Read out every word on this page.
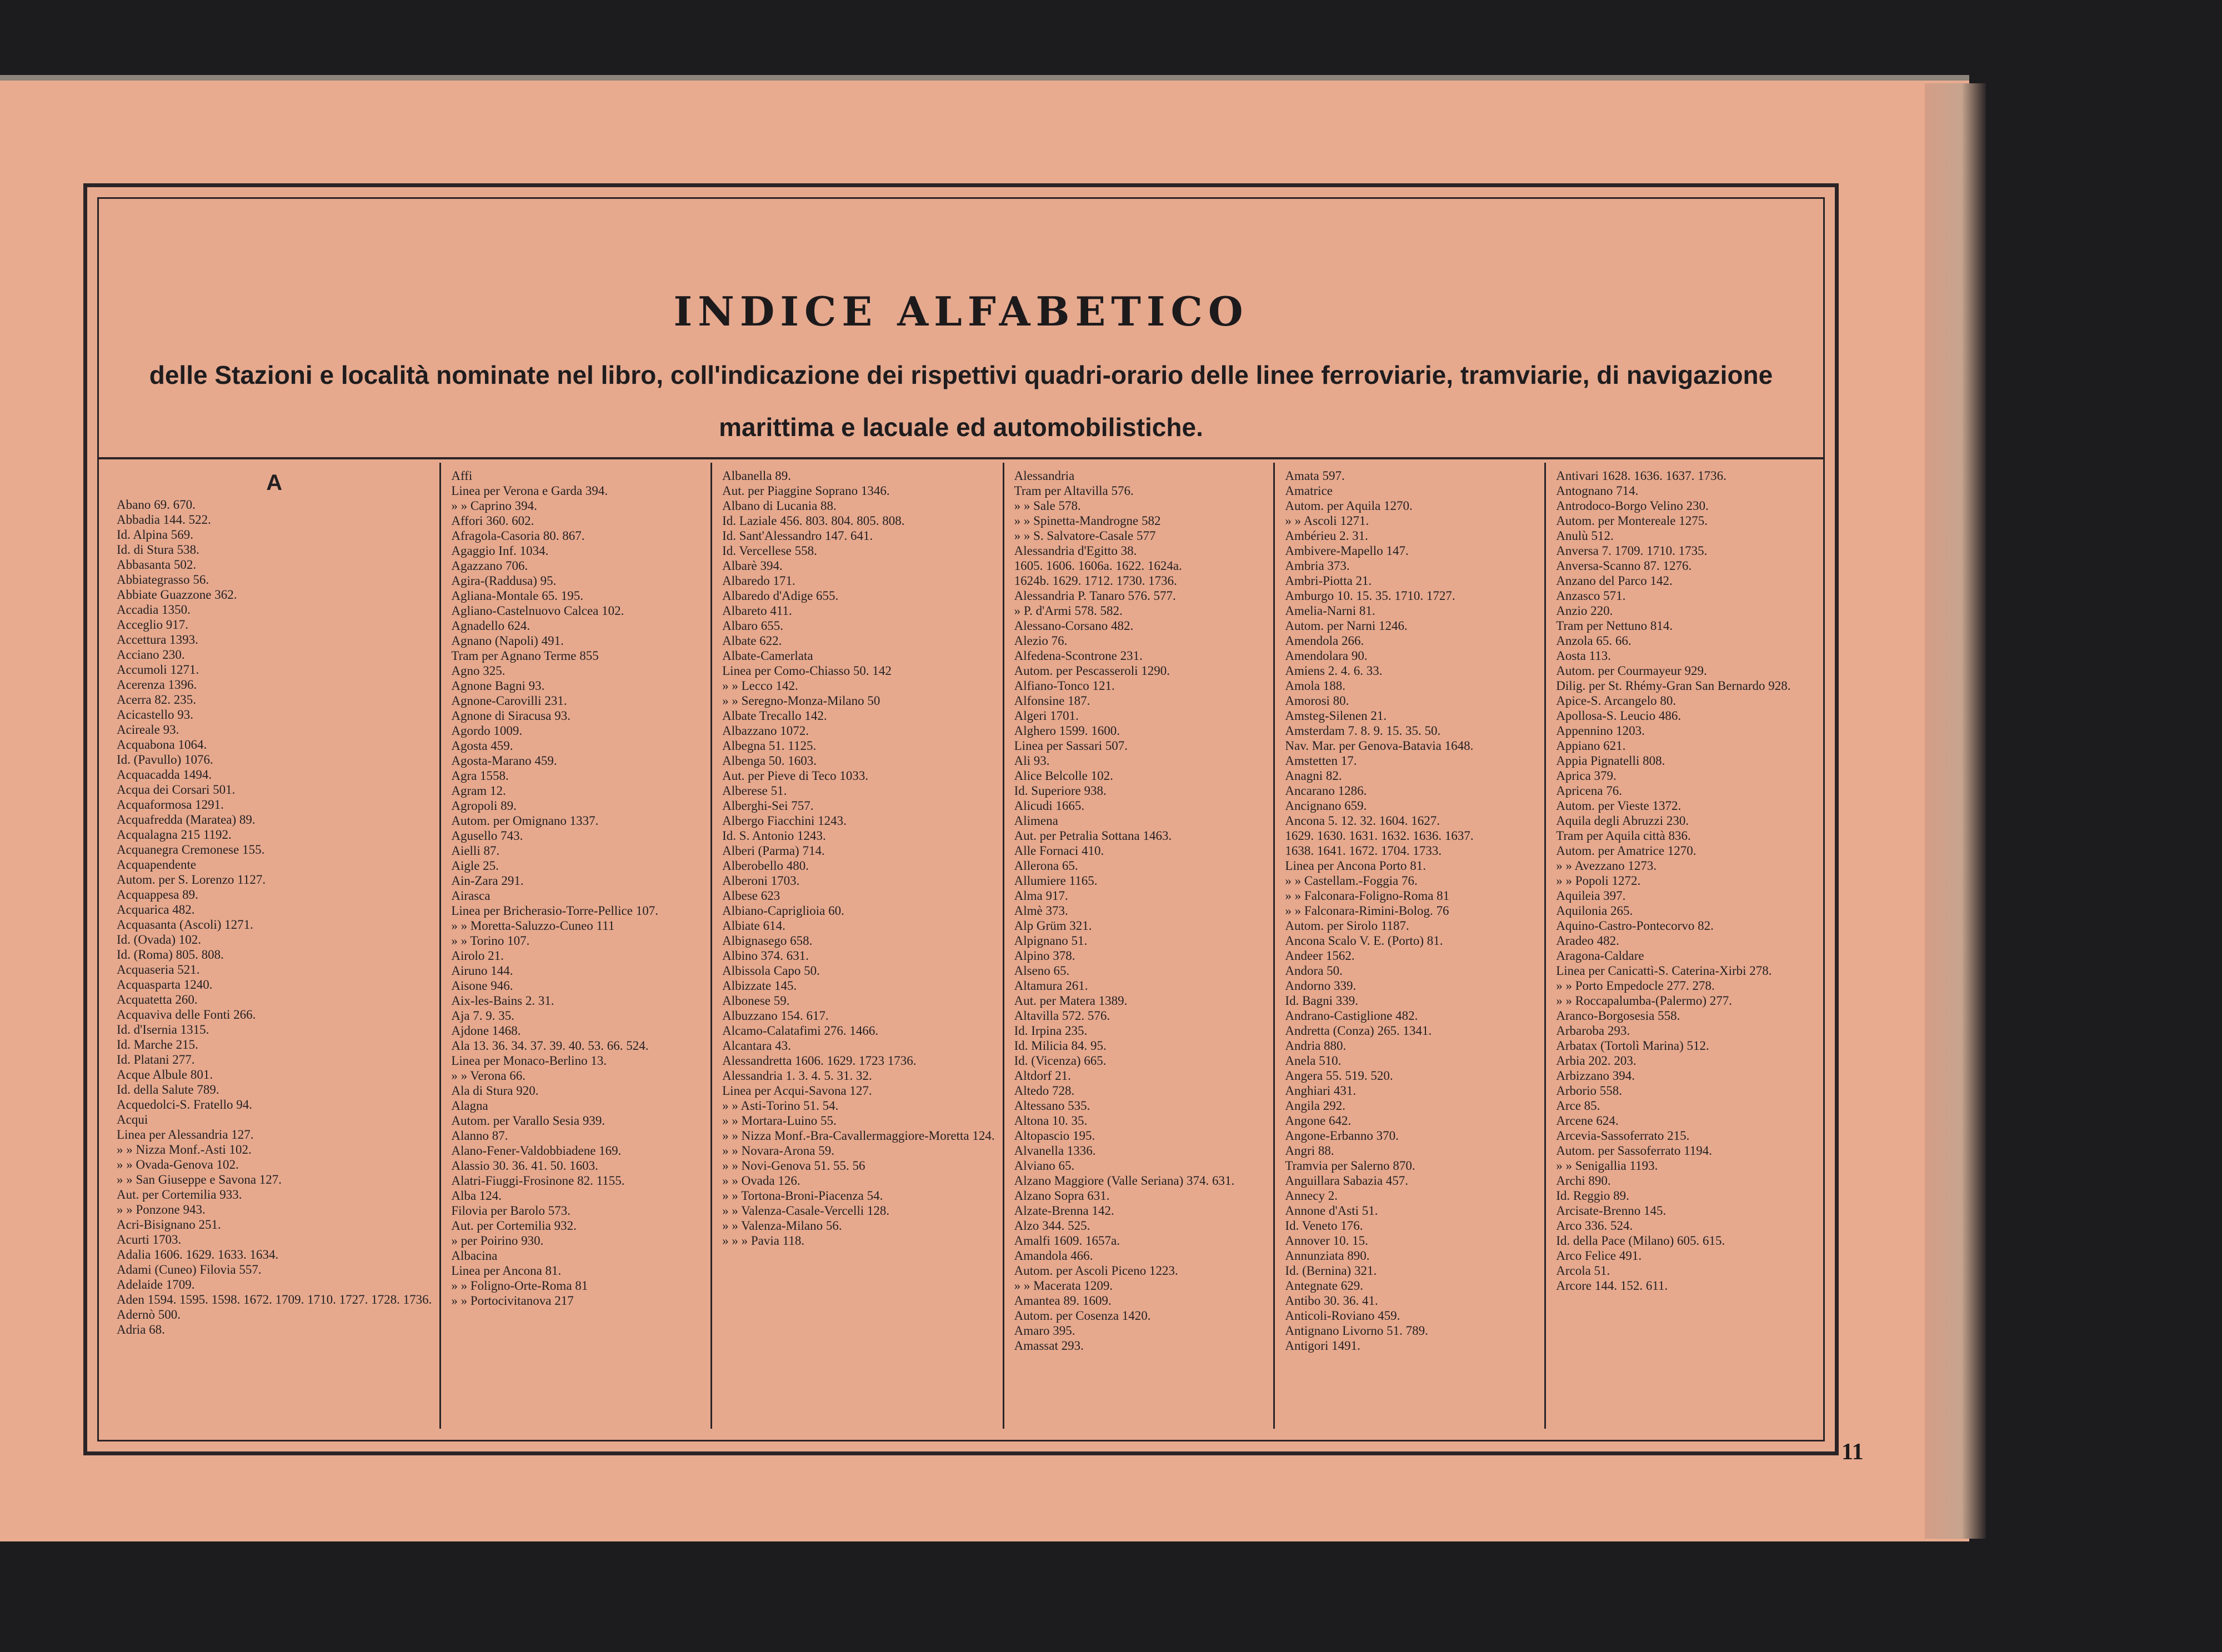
INDICE ALFABETICO
delle Stazioni e località nominate nel libro, coll'indicazione dei rispettivi quadri-orario delle linee ferroviarie, tramviarie, di navigazione marittima e lacuale ed automobilistiche.
A
Abano 69. 670.
Abbadia 144. 522.
Id. Alpina 569.
Id. di Stura 538.
Abbasanta 502.
Abbiategrasso 56.
Abbiate Guazzone 362.
Accadia 1350.
Acceglio 917.
Accettura 1393.
Acciano 230.
Accumoli 1271.
Acerenza 1396.
Acerra 82. 235.
Acicastello 93.
Acireale 93.
Acquabona 1064.
Id. (Pavullo) 1076.
Acquacadda 1494.
Acqua dei Corsari 501.
Acquaformosa 1291.
Acquafredda (Maratea) 89.
Acqualagna 215 1192.
Acquanegra Cremonese 155.
Acquapendente
Autom. per S. Lorenzo 1127.
Acquappesa 89.
Acquarica 482.
Acquasanta (Ascoli) 1271.
Id. (Ovada) 102.
Id. (Roma) 805. 808.
Acquaseria 521.
Acquasparta 1240.
Acquatetta 260.
Acquaviva delle Fonti 266.
Id. d'Isernia 1315.
Id. Marche 215.
Id. Platani 277.
Acque Albule 801.
Id. della Salute 789.
Acquedolci-S. Fratello 94.
Acqui
Linea per Alessandria 127.
» » Nizza Monf.-Asti 102.
» » Ovada-Genova 102.
» » San Giuseppe e Savona 127.
Aut. per Cortemilia 933.
» » Ponzone 943.
Acri-Bisignano 251.
Acurti 1703.
Adalia 1606. 1629. 1633. 1634.
Adami (Cuneo) Filovia 557.
Adelaide 1709.
Aden 1594. 1595. 1598. 1672. 1709. 1710. 1727. 1728. 1736.
Adernò 500.
Adria 68.
Affi
Linea per Verona e Garda 394.
» » Caprino 394.
Affori 360. 602.
Afragola-Casoria 80. 867.
Agaggio Inf. 1034.
Agazzano 706.
Agira-(Raddusa) 95.
Agliana-Montale 65. 195.
Agliano-Castelnuovo Calcea 102.
Agnadello 624.
Agnano (Napoli) 491.
Tram per Agnano Terme 855
Agno 325.
Agnone Bagni 93.
Agnone-Carovilli 231.
Agnone di Siracusa 93.
Agordo 1009.
Agosta 459.
Agosta-Marano 459.
Agra 1558.
Agram 12.
Agropoli 89.
Autom. per Omignano 1337.
Agusello 743.
Aielli 87.
Aigle 25.
Ain-Zara 291.
Airasca
Linea per Bricherasio-Torre-Pellice 107.
» » Moretta-Saluzzo-Cuneo 111
» » Torino 107.
Airolo 21.
Airuno 144.
Aisone 946.
Aix-les-Bains 2. 31.
Aja 7. 9. 35.
Ajdone 1468.
Ala 13. 36. 34. 37. 39. 40. 53. 66. 524.
Linea per Monaco-Berlino 13.
» » Verona 66.
Ala di Stura 920.
Alagna
Autom. per Varallo Sesia 939.
Alanno 87.
Alano-Fener-Valdobbiadene 169.
Alassio 30. 36. 41. 50. 1603.
Alatri-Fiuggi-Frosinone 82. 1155.
Alba 124.
Filovia per Barolo 573.
Aut. per Cortemilia 932.
» per Poirino 930.
Albacina
Linea per Ancona 81.
» » Foligno-Orte-Roma 81
» » Portocivitanova 217
Albanella 89.
Aut. per Piaggine Soprano 1346.
Albano di Lucania 88.
Id. Laziale 456. 803. 804. 805. 808.
Id. Sant'Alessandro 147. 641.
Id. Vercellese 558.
Albarè 394.
Albaredo 171.
Albaredo d'Adige 655.
Albareto 411.
Albaro 655.
Albate 622.
Albate-Camerlata
Linea per Como-Chiasso 50. 142
» » Lecco 142.
» » Seregno-Monza-Milano 50
Albate Trecallo 142.
Albazzano 1072.
Albegna 51. 1125.
Albenga 50. 1603.
Aut. per Pieve di Teco 1033.
Alberese 51.
Alberghi-Sei 757.
Albergo Fiacchini 1243.
Id. S. Antonio 1243.
Alberi (Parma) 714.
Alberobello 480.
Alberoni 1703.
Albese 623
Albiano-Capriglioia 60.
Albiate 614.
Albignasego 658.
Albino 374. 631.
Albissola Capo 50.
Albizzate 145.
Albonese 59.
Albuzzano 154. 617.
Alcamo-Calatafimi 276. 1466.
Alcantara 43.
Alessandretta 1606. 1629. 1723 1736.
Alessandria 1. 3. 4. 5. 31. 32.
Linea per Acqui-Savona 127.
» » Asti-Torino 51. 54.
» » Mortara-Luino 55.
» » Nizza Monf.-Bra-Cavallermaggiore-Moretta 124.
» » Novara-Arona 59.
» » Novi-Genova 51. 55. 56
» » Ovada 126.
» » Tortona-Broni-Piacenza 54.
» » Valenza-Casale-Vercelli 128.
» » Valenza-Milano 56.
» » » Pavia 118.
Alessandria
Tram per Altavilla 576.
» » Sale 578.
» » Spinetta-Mandrogne 582
» » S. Salvatore-Casale 577
Alessandria d'Egitto 38.
1605. 1606. 1606a. 1622. 1624a.
1624b. 1629. 1712. 1730. 1736.
Alessandria P. Tanaro 576. 577.
» P. d'Armi 578. 582.
Alessano-Corsano 482.
Alezio 76.
Alfedena-Scontrone 231.
Autom. per Pescasseroli 1290.
Alfiano-Tonco 121.
Alfonsine 187.
Algeri 1701.
Alghero 1599. 1600.
Linea per Sassari 507.
Ali 93.
Alice Belcolle 102.
Id. Superiore 938.
Alicudi 1665.
Alimena
Aut. per Petralia Sottana 1463.
Alle Fornaci 410.
Allerona 65.
Allumiere 1165.
Alma 917.
Almè 373.
Alp Grüm 321.
Alpignano 51.
Alpino 378.
Alseno 65.
Altamura 261.
Aut. per Matera 1389.
Altavilla 572. 576.
Id. Irpina 235.
Id. Milicia 84. 95.
Id. (Vicenza) 665.
Altdorf 21.
Altedo 728.
Altessano 535.
Altona 10. 35.
Altopascio 195.
Alvanella 1336.
Alviano 65.
Alzano Maggiore (Valle Seriana) 374. 631.
Alzano Sopra 631.
Alzate-Brenna 142.
Alzo 344. 525.
Amalfi 1609. 1657a.
Amandola 466.
Autom. per Ascoli Piceno 1223.
» » Macerata 1209.
Amantea 89. 1609.
Autom. per Cosenza 1420.
Amaro 395.
Amassat 293.
Amata 597.
Amatrice
Autom. per Aquila 1270.
» » Ascoli 1271.
Ambérieu 2. 31.
Ambivere-Mapello 147.
Ambria 373.
Ambri-Piotta 21.
Amburgo 10. 15. 35. 1710. 1727.
Amelia-Narni 81.
Autom. per Narni 1246.
Amendola 266.
Amendolara 90.
Amiens 2. 4. 6. 33.
Amola 188.
Amorosi 80.
Amsteg-Silenen 21.
Amsterdam 7. 8. 9. 15. 35. 50.
Nav. Mar. per Genova-Batavia 1648.
Amstetten 17.
Anagni 82.
Ancarano 1286.
Ancignano 659.
Ancona 5. 12. 32. 1604. 1627.
1629. 1630. 1631. 1632. 1636. 1637.
1638. 1641. 1672. 1704. 1733.
Linea per Ancona Porto 81.
» » Castellam.-Foggia 76.
» » Falconara-Foligno-Roma 81
» » Falconara-Rimini-Bolog. 76
Autom. per Sirolo 1187.
Ancona Scalo V. E. (Porto) 81.
Andeer 1562.
Andora 50.
Andorno 339.
Id. Bagni 339.
Andrano-Castiglione 482.
Andretta (Conza) 265. 1341.
Andria 880.
Anela 510.
Angera 55. 519. 520.
Anghiari 431.
Angila 292.
Angone 642.
Angone-Erbanno 370.
Angri 88.
Tramvia per Salerno 870.
Anguillara Sabazia 457.
Annecy 2.
Annone d'Asti 51.
Id. Veneto 176.
Annover 10. 15.
Annunziata 890.
Id. (Bernina) 321.
Antegnate 629.
Antibo 30. 36. 41.
Anticoli-Roviano 459.
Antignano Livorno 51. 789.
Antigori 1491.
Antivari 1628. 1636. 1637. 1736.
Antognano 714.
Antrodoco-Borgo Velino 230.
Autom. per Montereale 1275.
Anulù 512.
Anversa 7. 1709. 1710. 1735.
Anversa-Scanno 87. 1276.
Anzano del Parco 142.
Anzasco 571.
Anzio 220.
Tram per Nettuno 814.
Anzola 65. 66.
Aosta 113.
Autom. per Courmayeur 929.
Dilig. per St. Rhémy-Gran San Bernardo 928.
Apice-S. Arcangelo 80.
Apollosa-S. Leucio 486.
Appennino 1203.
Appiano 621.
Appia Pignatelli 808.
Aprica 379.
Apricena 76.
Autom. per Vieste 1372.
Aquila degli Abruzzi 230.
Tram per Aquila città 836.
Autom. per Amatrice 1270.
» » Avezzano 1273.
» » Popoli 1272.
Aquileia 397.
Aquilonia 265.
Aquino-Castro-Pontecorvo 82.
Aradeo 482.
Aragona-Caldare
Linea per Canicattì-S. Caterina-Xirbi 278.
» » Porto Empedocle 277. 278.
» » Roccapalumba-(Palermo) 277.
Aranco-Borgosesia 558.
Arbaroba 293.
Arbatax (Tortolì Marina) 512.
Arbia 202. 203.
Arbizzano 394.
Arborio 558.
Arce 85.
Arcene 624.
Arcevia-Sassoferrato 215.
Autom. per Sassoferrato 1194.
» » Senigallia 1193.
Archi 890.
Id. Reggio 89.
Arcisate-Brenno 145.
Arco 336. 524.
Id. della Pace (Milano) 605. 615.
Arco Felice 491.
Arcola 51.
Arcore 144. 152. 611.
11
